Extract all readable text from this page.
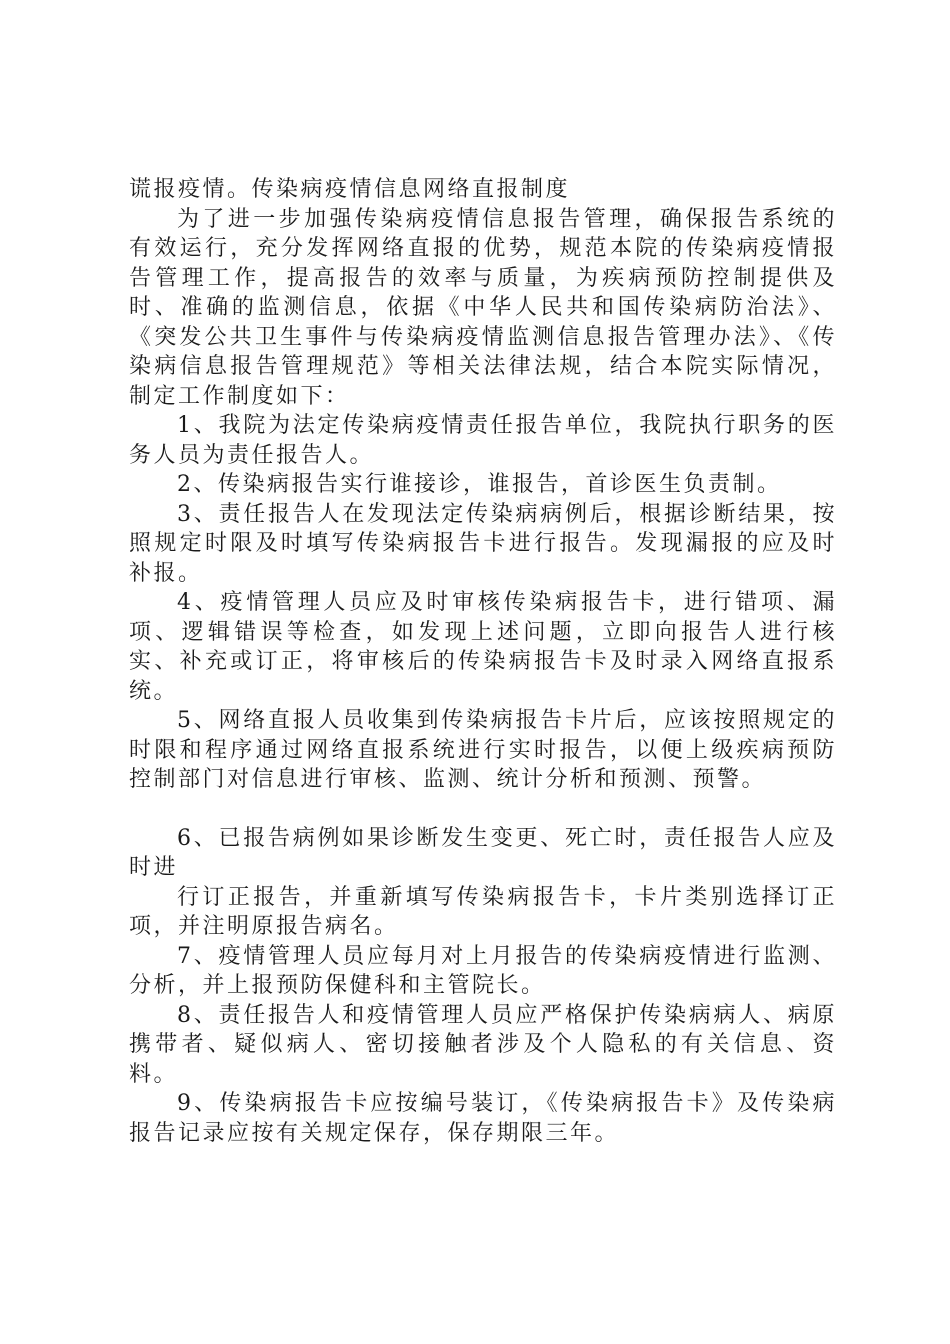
谎报疫情。传染病疫情信息网络直报制度

为了进一步加强传染病疫情信息报告管理，确保报告系统的有效运行，充分发挥网络直报的优势，规范本院的传染病疫情报告管理工作，提高报告的效率与质量，为疾病预防控制提供及时、准确的监测信息，依据《中华人民共和国传染病防治法》、《突发公共卫生事件与传染病疫情监测信息报告管理办法》、《传染病信息报告管理规范》等相关法律法规，结合本院实际情况，制定工作制度如下：

1、我院为法定传染病疫情责任报告单位，我院执行职务的医务人员为责任报告人。

2、传染病报告实行谁接诊，谁报告，首诊医生负责制。

3、责任报告人在发现法定传染病病例后，根据诊断结果，按照规定时限及时填写传染病报告卡进行报告。发现漏报的应及时补报。

4、疫情管理人员应及时审核传染病报告卡，进行错项、漏项、逻辑错误等检查，如发现上述问题，立即向报告人进行核实、补充或订正，将审核后的传染病报告卡及时录入网络直报系统。

5、网络直报人员收集到传染病报告卡片后，应该按照规定的时限和程序通过网络直报系统进行实时报告，以便上级疾病预防控制部门对信息进行审核、监测、统计分析和预测、预警。

6、已报告病例如果诊断发生变更、死亡时，责任报告人应及时进

行订正报告，并重新填写传染病报告卡，卡片类别选择订正项，并注明原报告病名。

7、疫情管理人员应每月对上月报告的传染病疫情进行监测、分析，并上报预防保健科和主管院长。

8、责任报告人和疫情管理人员应严格保护传染病病人、病原携带者、疑似病人、密切接触者涉及个人隐私的有关信息、资料。

9、传染病报告卡应按编号装订，《传染病报告卡》及传染病报告记录应按有关规定保存，保存期限三年。
